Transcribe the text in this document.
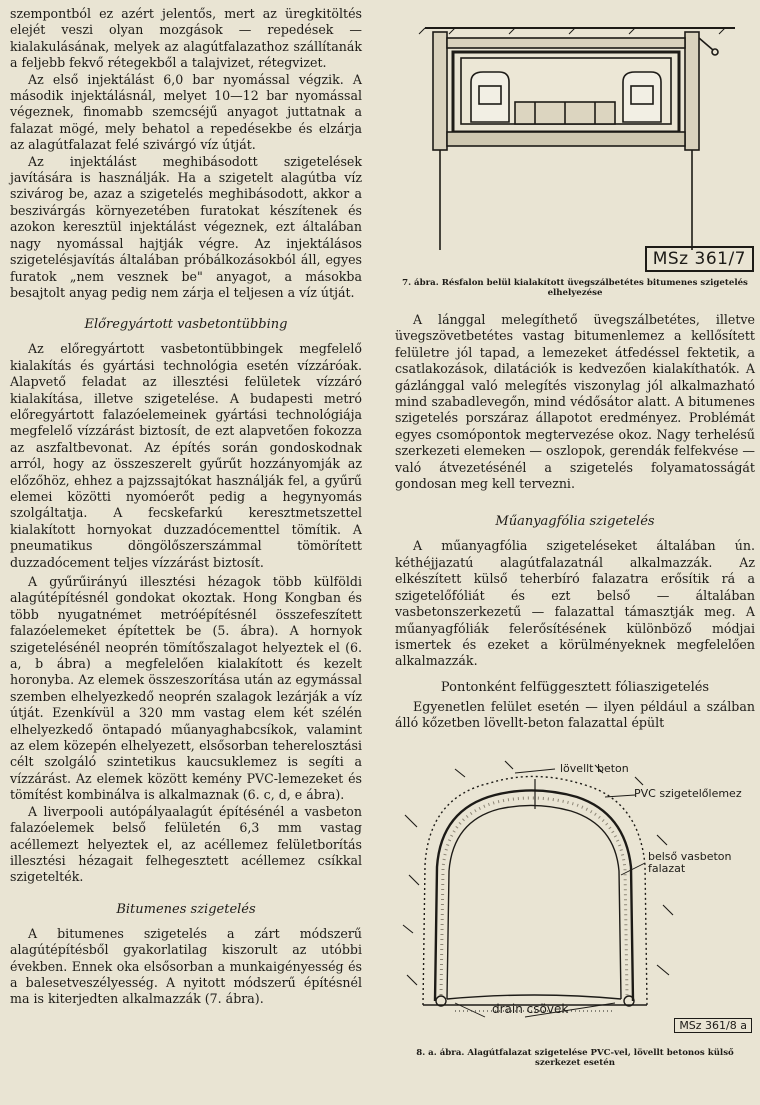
szempontból ez azért jelentős, mert az üregkitöltés elejét veszi olyan mozgások — repedések — kialakulásának, melyek az alagútfalazathoz szállítanák a feljebb fekvő rétegekből a talajvizet, rétegvizet.

Az első injektálást 6,0 bar nyomással végzik. A második injektálásnál, melyet 10—12 bar nyomással végeznek, finomabb szemcséjű anyagot juttatnak a falazat mögé, mely behatol a repedésekbe és elzárja az alagútfalazat felé szivárgó víz útját.

Az injektálást meghibásodott szigetelések javítására is használják. Ha a szigetelt alagútba víz szivárog be, azaz a szigetelés meghibásodott, akkor a beszivárgás környezetében furatokat készítenek és azokon keresztül injektálást végeznek, ezt általában nagy nyomással hajtják végre. Az injektálásos szigetelésjavítás általában próbálkozásokból áll, egyes furatok „nem vesznek be" anyagot, a másokba besajtolt anyag pedig nem zárja el teljesen a víz útját.

Előregyártott vasbetontübbing

Az előregyártott vasbetontübbingek megfelelő kialakítás és gyártási technológia esetén vízzáróak. Alapvető feladat az illesztési felületek vízzáró kialakítása, illetve szigetelése. A budapesti metró előregyártott falazóelemeinek gyártási technológiája megfelelő vízzárást biztosít, de ezt alapvetően fokozza az aszfaltbevonat. Az építés során gondoskodnak arról, hogy az összeszerelt gyűrűt hozzányomják az előzőhöz, ehhez a pajzssajtókat használják fel, a gyűrű elemei közötti nyomóerőt pedig a hegynyomás szolgáltatja. A fecskefarkú keresztmetszettel kialakított hornyokat duzzadócementtel tömítik. A pneumatikus döngölőszerszámmal tömörített duzzadócement teljes vízzárást biztosít.

A gyűrűirányú illesztési hézagok több külföldi alagútépítésnél gondokat okoztak. Hong Kongban és több nyugatnémet metróépítésnél összefeszített falazóelemeket építettek be (5. ábra). A hornyok szigetelésénél neoprén tömítőszalagot helyeztek el (6. a, b ábra) a megfelelően kialakított és kezelt horonyba. Az elemek összeszorítása után az egymással szemben elhelyezkedő neoprén szalagok lezárják a víz útját. Ezenkívül a 320 mm vastag elem két szélén elhelyezkedő öntapadó műanyaghabcsíkok, valamint az elem közepén elhelyezett, elsősorban teherelosztási célt szolgáló szintetikus kaucsuklemez is segíti a vízzárást. Az elemek között kemény PVC-lemezeket és tömítést kombinálva is alkalmaznak (6. c, d, e ábra).

A liverpooli autópályaalagút építésénél a vasbeton falazóelemek belső felületén 6,3 mm vastag acéllemezt helyeztek el, az acéllemez felületborítás illesztési hézagait felhegesztett acéllemez csíkkal szigetelték.

Bitumenes szigetelés

A bitumenes szigetelés a zárt módszerű alagútépítésből gyakorlatilag kiszorult az utóbbi években. Ennek oka elsősorban a munkaigényesség és a balesetveszélyesség. A nyitott módszerű építésnél ma is kiterjedten alkalmazzák (7. ábra).

MSz 361/7

7. ábra. Résfalon belül kialakított üvegszálbetétes bitumenes szigetelés elhelyezése

A lánggal melegíthető üvegszálbetétes, illetve üvegszövetbetétes vastag bitumenlemez a kellősített felületre jól tapad, a lemezeket átfedéssel fektetik, a csatlakozások, dilatációk is kedvezően kialakíthatók. A gázlánggal való melegítés viszonylag jól alkalmazható mind szabadlevegőn, mind védősátor alatt. A bitumenes szigetelés porszáraz állapotot eredményez. Problémát egyes csomópontok megtervezése okoz. Nagy terhelésű szerkezeti elemeken — oszlopok, gerendák felfekvése — való átvezetésénél a szigetelés folyamatosságát gondosan meg kell tervezni.

Műanyagfólia szigetelés

A műanyagfólia szigeteléseket általában ún. kéthéjjazatú alagútfalazatnál alkalmazzák. Az elkészített külső teherbíró falazatra erősítik rá a szigetelőfóliát és ezt belső — általában vasbetonszerkezetű — falazattal támasztják meg. A műanyagfóliák felerősítésének különböző módjai ismertek és ezeket a körülményeknek megfelelően alkalmazzák.

Pontonként felfüggesztett fóliaszigetelés

Egyenetlen felület esetén — ilyen például a szálban álló kőzetben lövellt-beton falazattal épült

lövellt beton
PVC szigetelőlemez
belső vasbeton falazat
drain csövek
MSz 361/8 a

8. a. ábra. Alagútfalazat szigetelése PVC-vel, lövellt betonos külső szerkezet esetén
